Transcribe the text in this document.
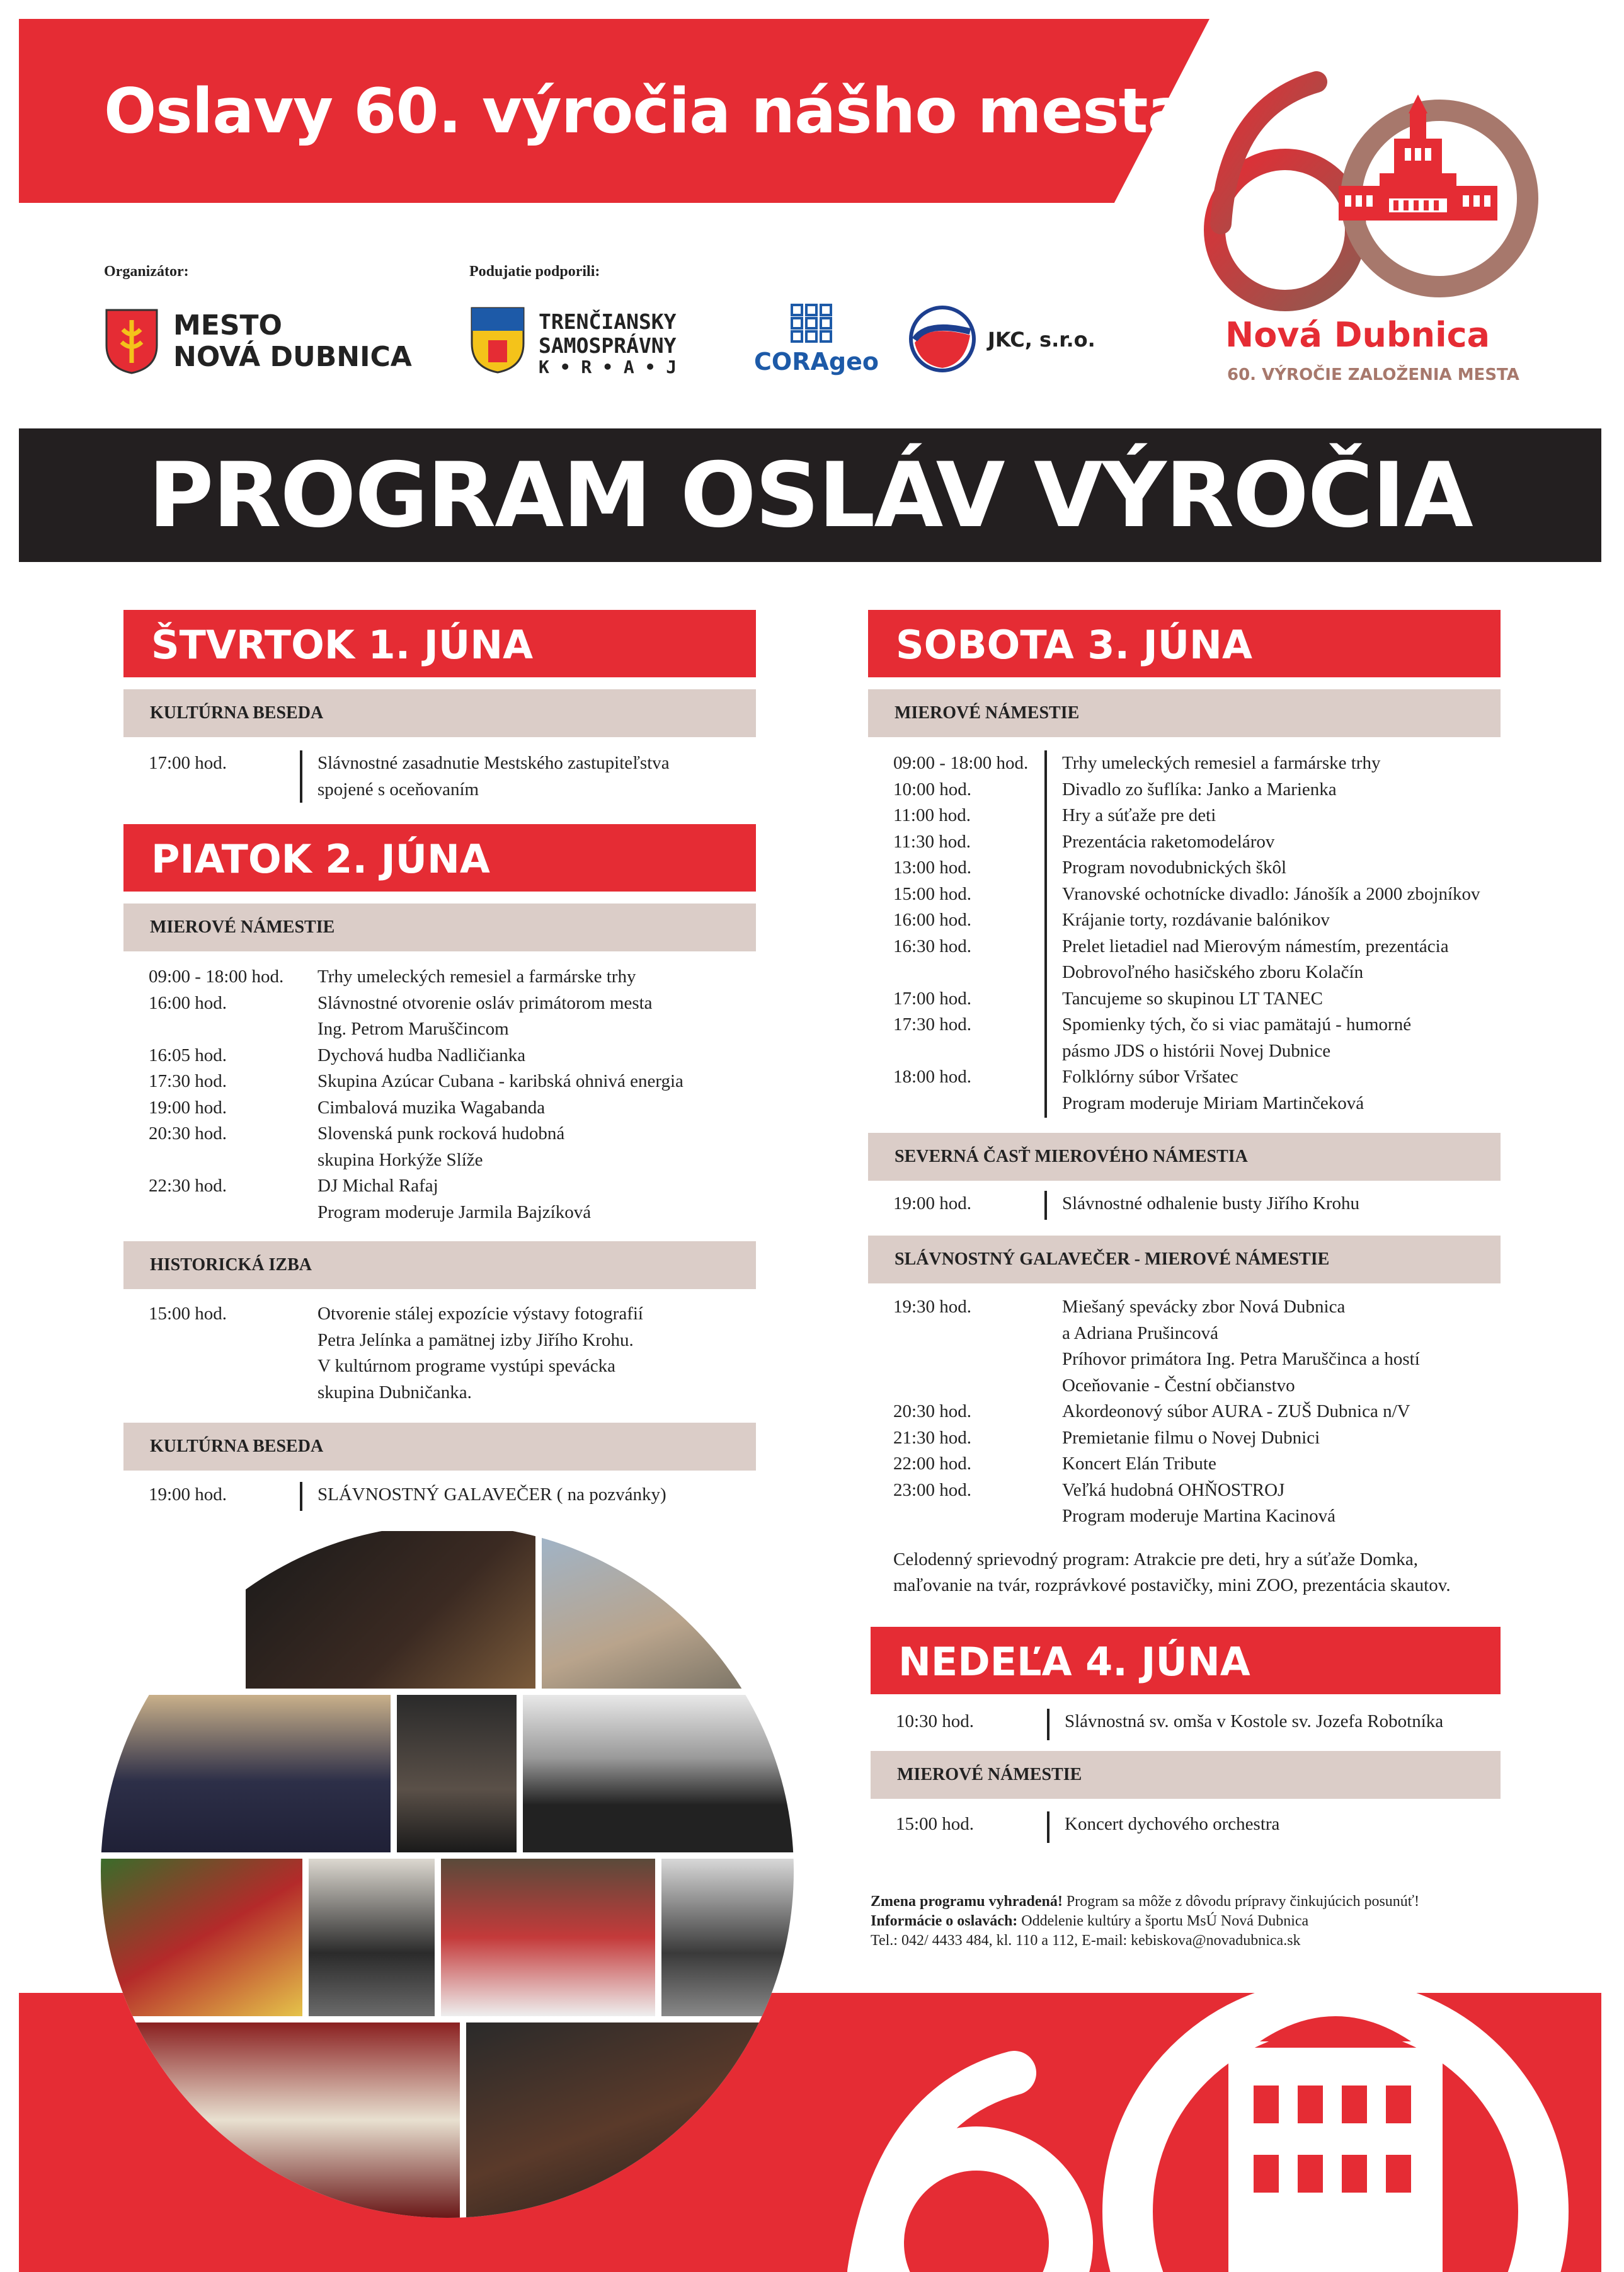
Oslavy 60. výročia nášho mesta
Nová Dubnica
60. VÝROČIE ZALOŽENIA MESTA
Organizátor:	Podujatie podporili:
MESTO
NOVÁ DUBNICA
TRENČIANSKY
SAMOSPRÁVNY
K • R • A • J	CORAgeo
JKC, s.r.o.
PROGRAM OSLÁV VÝROČIA
ŠTVRTOK 1. JÚNA
KULTÚRNA BESEDA
17:00 hod.	Slávnostné zasadnutie Mestského zastupiteľstva
spojené s oceňovaním
PIATOK 2. JÚNA
MIEROVÉ NÁMESTIE
09:00 - 18:00 hod.	Trhy umeleckých remesiel a farmárske trhy
16:00 hod.	Slávnostné otvorenie osláv primátorom mesta
Ing. Petrom Maruščincom
16:05 hod.	Dychová hudba Nadličianka
17:30 hod.	Skupina Azúcar Cubana - karibská ohnivá energia
19:00 hod.	Cimbalová muzika Wagabanda
20:30 hod.	Slovenská punk rocková hudobná
skupina Horkýže Slíže
22:30 hod.	DJ Michal Rafaj
Program moderuje Jarmila Bajzíková
HISTORICKÁ IZBA
15:00 hod.	Otvorenie stálej expozície výstavy fotografií
Petra Jelínka a pamätnej izby Jiřího Krohu.
V kultúrnom programe vystúpi spevácka
skupina Dubničanka.
KULTÚRNA BESEDA
19:00 hod.	SLÁVNOSTNÝ GALAVEČER ( na pozvánky)
SOBOTA 3. JÚNA
MIEROVÉ NÁMESTIE
09:00 - 18:00 hod.	Trhy umeleckých remesiel a farmárske trhy
10:00 hod.	Divadlo zo šuflíka: Janko a Marienka
11:00 hod.	Hry a súťaže pre deti
11:30 hod.	Prezentácia raketomodelárov
13:00 hod.	Program novodubnických škôl
15:00 hod.	Vranovské ochotnícke divadlo: Jánošík a 2000 zbojníkov
16:00 hod.	Krájanie torty, rozdávanie balónikov
16:30 hod.	Prelet lietadiel nad Mierovým námestím, prezentácia
Dobrovoľného hasičského zboru Kolačín
17:00 hod.	Tancujeme so skupinou LT TANEC
17:30 hod.	Spomienky tých, čo si viac pamätajú - humorné
pásmo JDS o histórii Novej Dubnice
18:00 hod.	Folklórny súbor Vršatec
Program moderuje Miriam Martinčeková
SEVERNÁ ČASŤ MIEROVÉHO NÁMESTIA
19:00 hod.	Slávnostné odhalenie busty Jiřího Krohu
SLÁVNOSTNÝ GALAVEČER - MIEROVÉ NÁMESTIE
19:30 hod.	Miešaný spevácky zbor Nová Dubnica
a Adriana Prušincová
Príhovor primátora Ing. Petra Maruščinca a hostí
Oceňovanie - Čestní občianstvo
20:30 hod.	Akordeonový súbor AURA - ZUŠ Dubnica n/V
21:30 hod.	Premietanie filmu o Novej Dubnici
22:00 hod.	Koncert Elán Tribute
23:00 hod.	Veľká hudobná OHŇOSTROJ
Program moderuje Martina Kacinová
Celodenný sprievodný program: Atrakcie pre deti, hry a súťaže Domka,
maľovanie na tvár, rozprávkové postavičky, mini ZOO, prezentácia skautov.
NEDEĽA 4. JÚNA
10:30 hod.	Slávnostná sv. omša v Kostole sv. Jozefa Robotníka
MIEROVÉ NÁMESTIE
15:00 hod.	Koncert dychového orchestra
Zmena programu vyhradená! Program sa môže z dôvodu prípravy činkujúcich posunúť!
Informácie o oslavách: Oddelenie kultúry a športu MsÚ Nová Dubnica
Tel.: 042/ 4433 484, kl. 110 a 112, E-mail: kebiskova@novadubnica.sk
